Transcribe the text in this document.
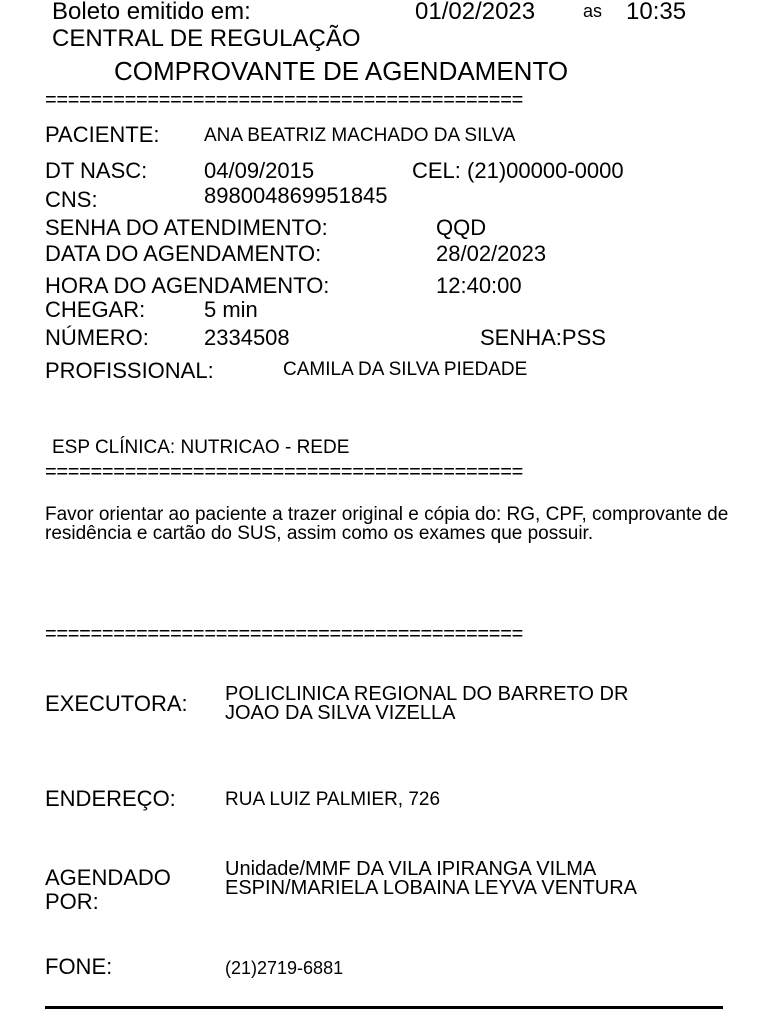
Boleto emitido em:	01/02/2023	as 10:35
CENTRAL DE REGULAÇÃO
COMPROVANTE DE AGENDAMENTO
==========================================
PACIENTE: ANA BEATRIZ MACHADO DA SILVA
DT NASC:	04/09/2015	CEL: (21)00000-0000
CNS:	898004869951845
SENHA DO ATENDIMENTO:	QQD
DATA DO AGENDAMENTO:	28/02/2023
HORA DO AGENDAMENTO:	12:40:00
CHEGAR:	5 min
NÚMERO:	2334508	SENHA:PSS
PROFISSIONAL:	CAMILA DA SILVA PIEDADE
ESP CLÍNICA: NUTRICAO - REDE
==========================================
Favor orientar ao paciente a trazer original e cópia do: RG, CPF, comprovante de residência e cartão do SUS, assim como os exames que possuir.
==========================================
EXECUTORA: POLICLINICA REGIONAL DO BARRETO DR
JOAO DA SILVA VIZELLA
ENDEREÇO:	RUA LUIZ PALMIER, 726
AGENDADO
POR:
Unidade/MMF DA VILA IPIRANGA VILMA
ESPIN/MARIELA LOBAINA LEYVA VENTURA
FONE:	(21)2719-6881
